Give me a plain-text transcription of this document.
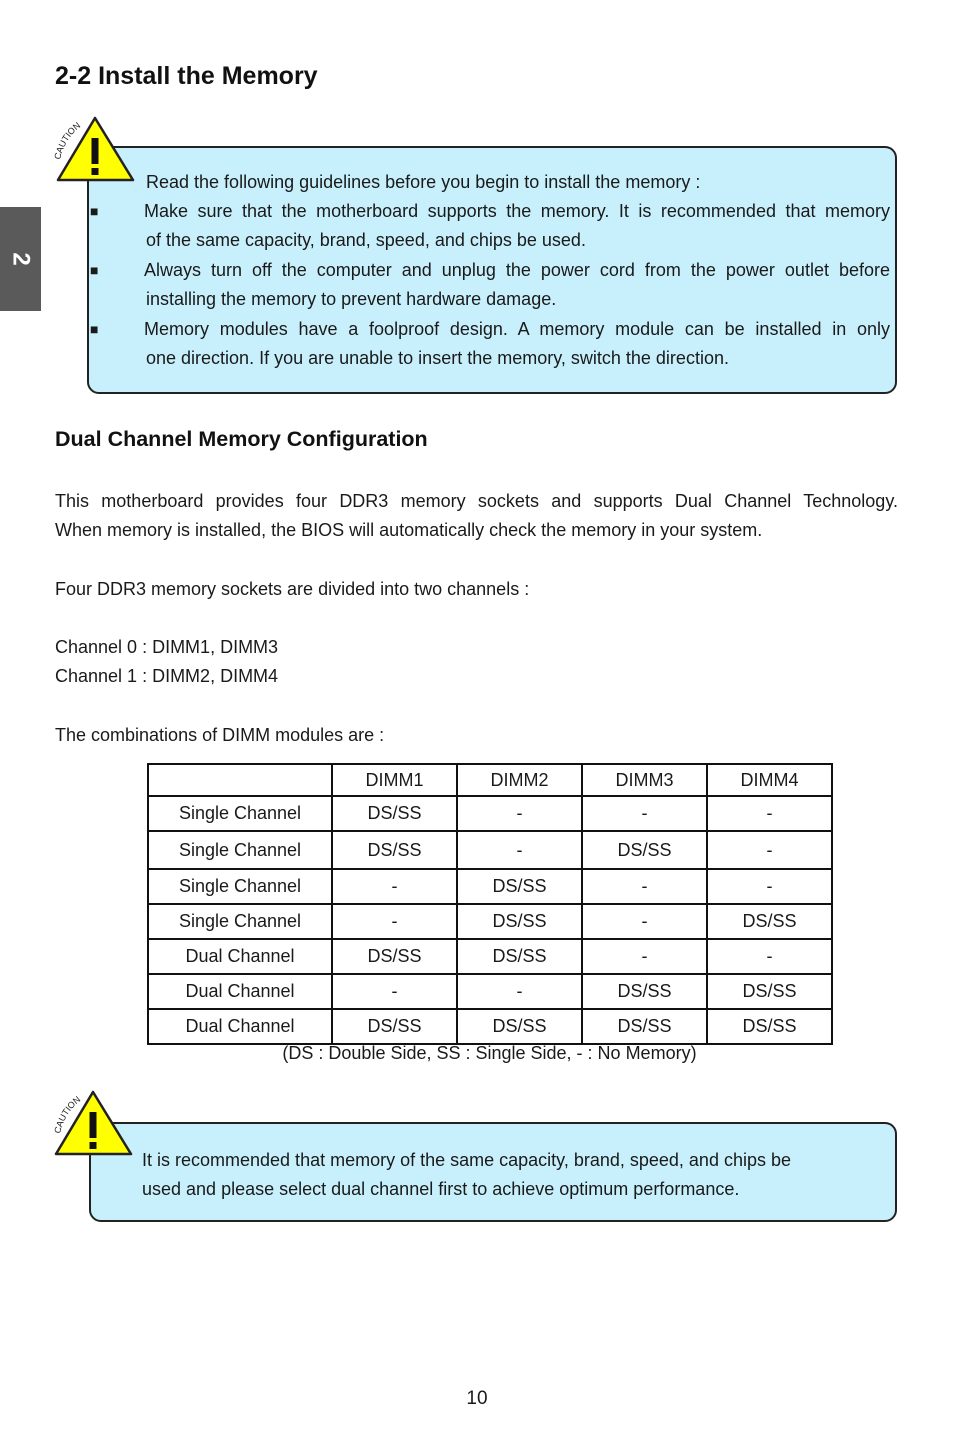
2
2-2 Install the Memory
CAUTION
Read the following guidelines before you begin to install the memory :
■	Make sure that the motherboard supports the memory. It is recommended that memory
of the same capacity, brand, speed, and chips be used.
■	Always turn off the computer and unplug the power cord from the power outlet before
installing the memory to prevent hardware damage.
■	Memory modules have a foolproof design. A memory module can be installed in only
one direction. If you are unable to insert the memory, switch the direction.
Dual Channel Memory Configuration
This motherboard provides four DDR3 memory sockets and supports Dual Channel Technology.
When memory is installed, the BIOS will automatically check the memory in your system.
Four DDR3 memory sockets are divided into two channels :
Channel 0 : DIMM1, DIMM3
Channel 1 : DIMM2, DIMM4
The combinations of DIMM modules are :
	DIMM1	DIMM2	DIMM3	DIMM4
Single Channel	DS/SS	-	-	-
Single Channel	DS/SS	-	DS/SS	-
Single Channel	-	DS/SS	-	-
Single Channel	-	DS/SS	-	DS/SS
Dual Channel	DS/SS	DS/SS	-	-
Dual Channel	-	-	DS/SS	DS/SS
Dual Channel	DS/SS	DS/SS	DS/SS	DS/SS
(DS : Double Side, SS : Single Side, - : No Memory)
CAUTION
It is recommended that memory of the same capacity, brand, speed, and chips be
used and please select dual channel first to achieve optimum performance.
10
